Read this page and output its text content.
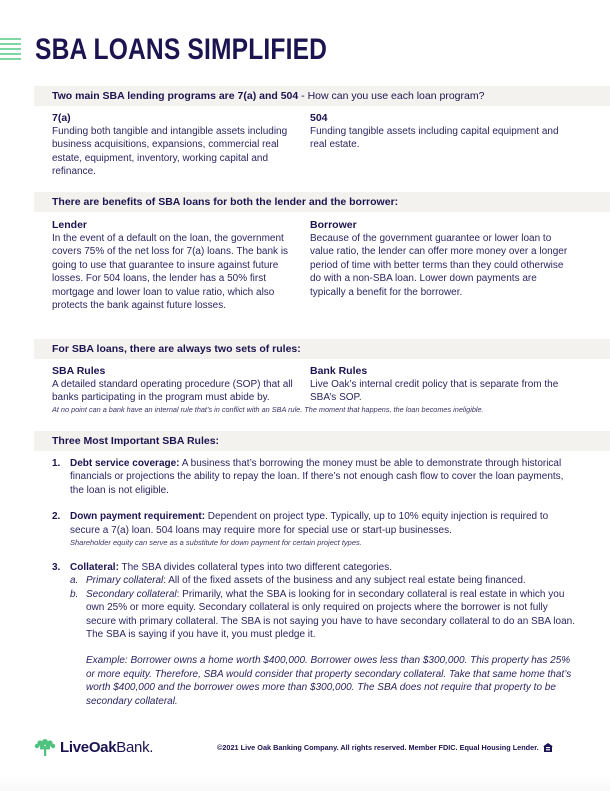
SBA LOANS SIMPLIFIED
Two main SBA lending programs are 7(a) and 504 - How can you use each loan program?
7(a)

Funding both tangible and intangible assets including business acquisitions, expansions, commercial real estate, equipment, inventory, working capital and refinance.

504

Funding tangible assets including capital equipment and real estate.

There are benefits of SBA loans for both the lender and the borrower:
Lender

In the event of a default on the loan, the government covers 75% of the net loss for 7(a) loans. The bank is going to use that guarantee to insure against future losses. For 504 loans, the lender has a 50% first mortgage and lower loan to value ratio, which also protects the bank against future losses.

Borrower

Because of the government guarantee or lower loan to value ratio, the lender can offer more money over a longer period of time with better terms than they could otherwise do with a non-SBA loan. Lower down payments are typically a benefit for the borrower.

For SBA loans, there are always two sets of rules:
SBA Rules

A detailed standard operating procedure (SOP) that all banks participating in the program must abide by.

Bank Rules

Live Oak’s internal credit policy that is separate from the SBA’s SOP.

At no point can a bank have an internal rule that’s in conflict with an SBA rule. The moment that happens, the loan becomes ineligible.
Three Most Important SBA Rules:
1. Debt service coverage: A business that’s borrowing the money must be able to demonstrate through historical financials or projections the ability to repay the loan. If there’s not enough cash flow to cover the loan payments, the loan is not eligible.
2. Down payment requirement: Dependent on project type. Typically, up to 10% equity injection is required to secure a 7(a) loan. 504 loans may require more for special use or start-up businesses.
Shareholder equity can serve as a substitute for down payment for certain project types.
3. Collateral: The SBA divides collateral types into two different categories.
a. Primary collateral: All of the fixed assets of the business and any subject real estate being financed.
b. Secondary collateral: Primarily, what the SBA is looking for in secondary collateral is real estate in which you own 25% or more equity. Secondary collateral is only required on projects where the borrower is not fully secure with primary collateral. The SBA is not saying you have to have secondary collateral to do an SBA loan. The SBA is saying if you have it, you must pledge it.

Example: Borrower owns a home worth $400,000. Borrower owes less than $300,000. This property has 25% or more equity. Therefore, SBA would consider that property secondary collateral. Take that same home that’s worth $400,000 and the borrower owes more than $300,000. The SBA does not require that property to be secondary collateral.

LiveOakBank.	©2021 Live Oak Banking Company. All rights reserved. Member FDIC. Equal Housing Lender.
